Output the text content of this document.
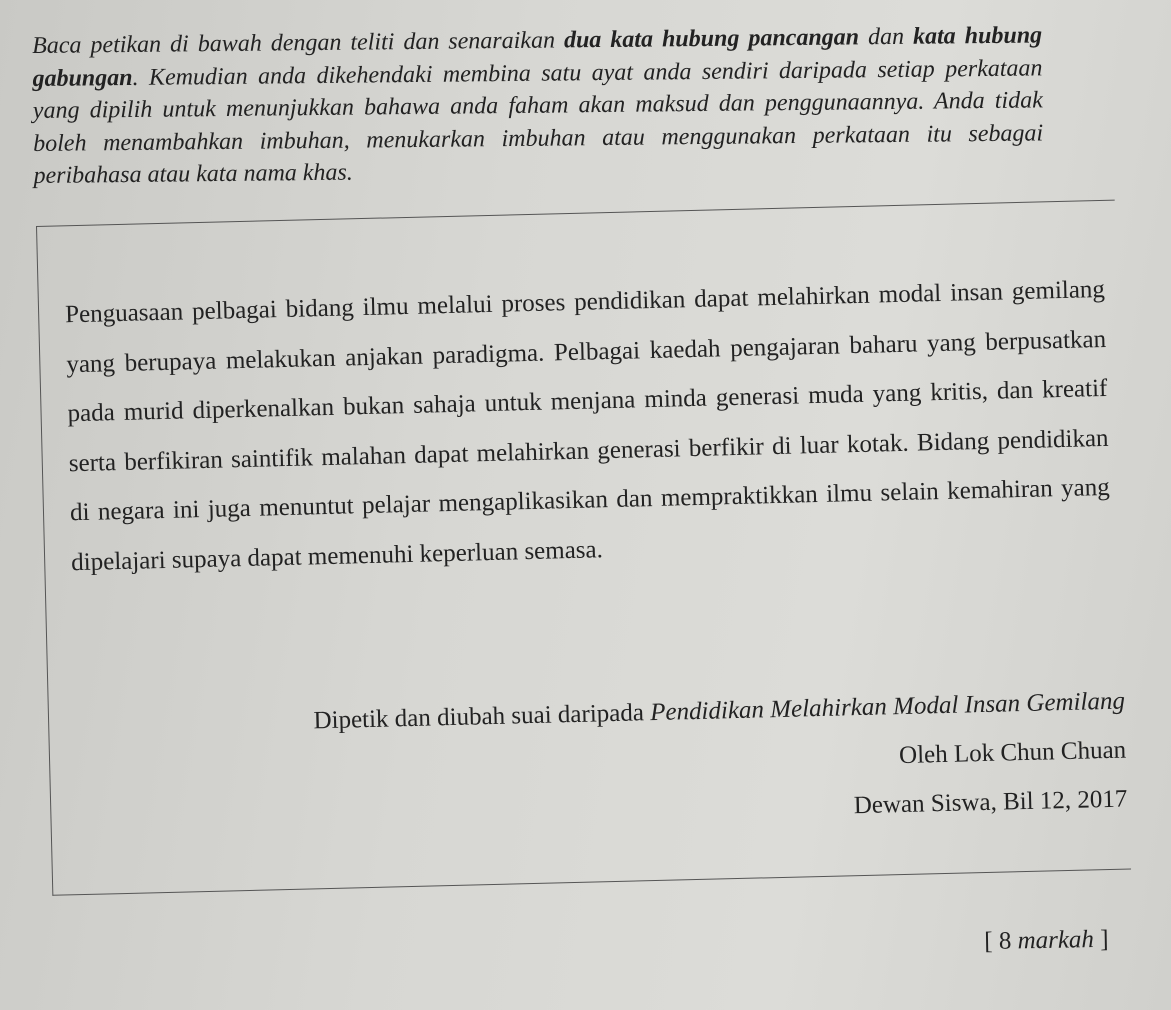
Baca petikan di bawah dengan teliti dan senaraikan dua kata hubung pancangan dan kata hubung gabungan. Kemudian anda dikehendaki membina satu ayat anda sendiri daripada setiap perkataan yang dipilih untuk menunjukkan bahawa anda faham akan maksud dan penggunaannya. Anda tidak boleh menambahkan imbuhan, menukarkan imbuhan atau menggunakan perkataan itu sebagai peribahasa atau kata nama khas.
Penguasaan pelbagai bidang ilmu melalui proses pendidikan dapat melahirkan modal insan gemilang yang berupaya melakukan anjakan paradigma. Pelbagai kaedah pengajaran baharu yang berpusatkan pada murid diperkenalkan bukan sahaja untuk menjana minda generasi muda yang kritis, dan kreatif serta berfikiran saintifik malahan dapat melahirkan generasi berfikir di luar kotak. Bidang pendidikan di negara ini juga menuntut pelajar mengaplikasikan dan mempraktikkan ilmu selain kemahiran yang dipelajari supaya dapat memenuhi keperluan semasa.
Dipetik dan diubah suai daripada Pendidikan Melahirkan Modal Insan Gemilang
Oleh Lok Chun Chuan
Dewan Siswa, Bil 12, 2017
[ 8 markah ]
